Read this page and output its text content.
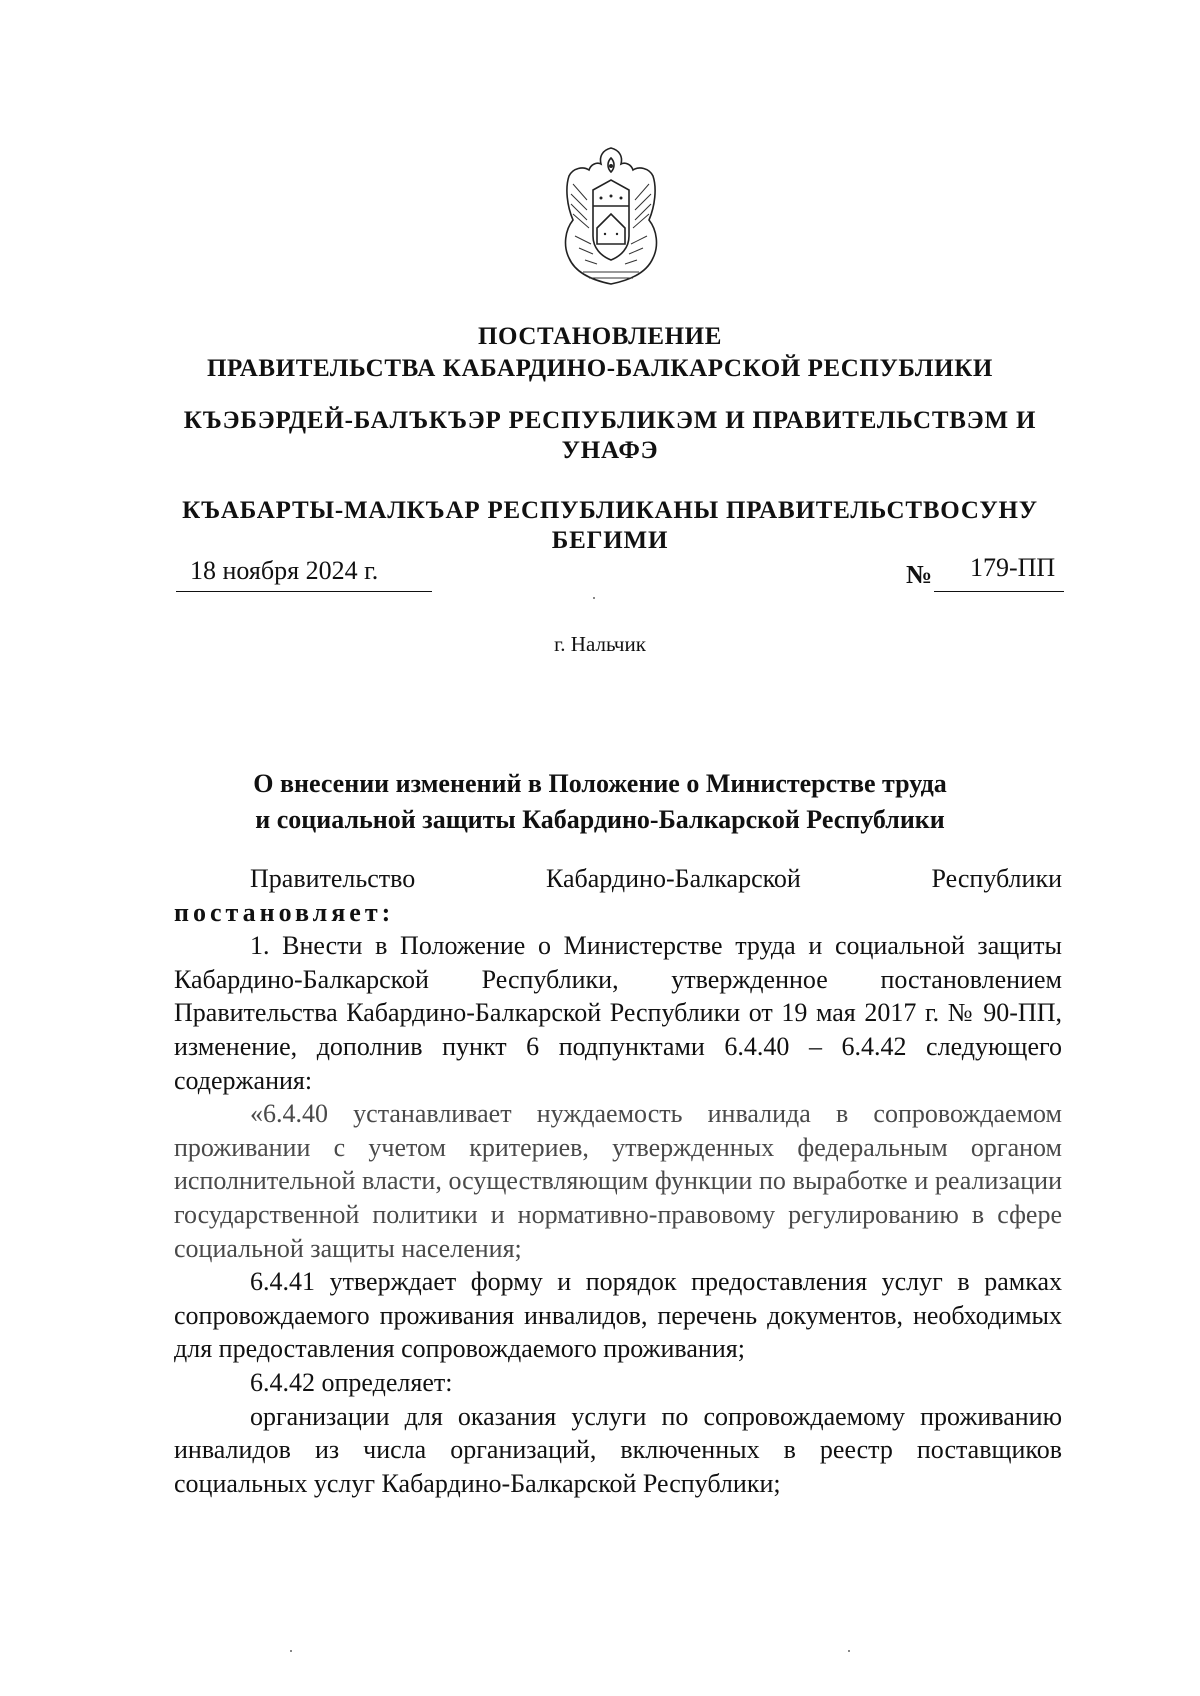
ПОСТАНОВЛЕНИЕ
ПРАВИТЕЛЬСТВА КАБАРДИНО-БАЛКАРСКОЙ РЕСПУБЛИКИ
КЪЭБЭРДЕЙ-БАЛЪКЪЭР РЕСПУБЛИКЭМ И ПРАВИТЕЛЬСТВЭМ И УНАФЭ
КЪАБАРТЫ-МАЛКЪАР РЕСПУБЛИКАНЫ ПРАВИТЕЛЬСТВОСУНУ БЕГИМИ
18 ноября 2024 г.	№ 179-ПП
г. Нальчик
О внесении изменений в Положение о Министерстве труда
и социальной защиты Кабардино-Балкарской Республики

Правительство Кабардино-Балкарской Республики

постановляет:

1. Внести в Положение о Министерстве труда и социальной защиты Кабардино-Балкарской Республики, утвержденное постановлением Правительства Кабардино-Балкарской Республики от 19 мая 2017 г. № 90-ПП, изменение, дополнив пункт 6 подпунктами 6.4.40 – 6.4.42 следующего содержания:

«6.4.40 устанавливает нуждаемость инвалида в сопровождаемом проживании с учетом критериев, утвержденных федеральным органом исполнительной власти, осуществляющим функции по выработке и реализации государственной политики и нормативно-правовому регулированию в сфере социальной защиты населения;

6.4.41 утверждает форму и порядок предоставления услуг в рамках сопровождаемого проживания инвалидов, перечень документов, необходимых для предоставления сопровождаемого проживания;

6.4.42 определяет:

организации для оказания услуги по сопровождаемому проживанию инвалидов из числа организаций, включенных в реестр поставщиков социальных услуг Кабардино-Балкарской Республики;
